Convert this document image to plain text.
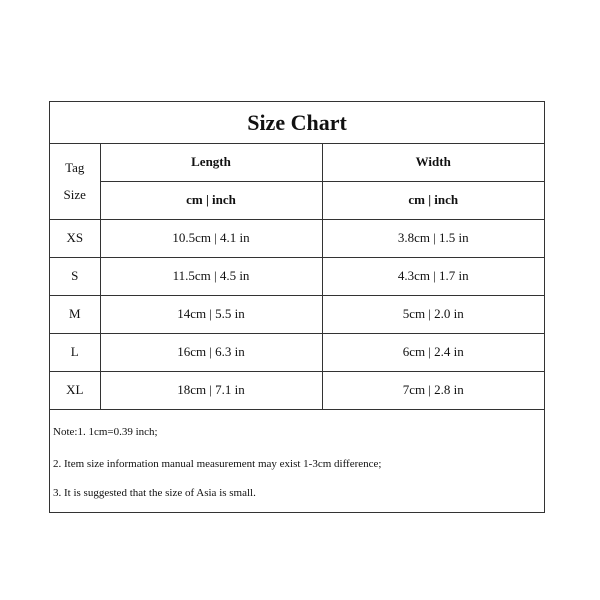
Size Chart
Tag
Size	Length	Width
	cm | inch	cm | inch
XS	10.5cm | 4.1 in	3.8cm | 1.5 in
S	11.5cm | 4.5 in	4.3cm | 1.7 in
M	14cm | 5.5 in	5cm | 2.0 in
L	16cm | 6.3 in	6cm | 2.4 in
XL	18cm | 7.1 in	7cm | 2.8 in
Note:1. 1cm=0.39 inch;
2. Item size information manual measurement may exist 1-3cm difference;
3. It is suggested that the size of Asia is small.
